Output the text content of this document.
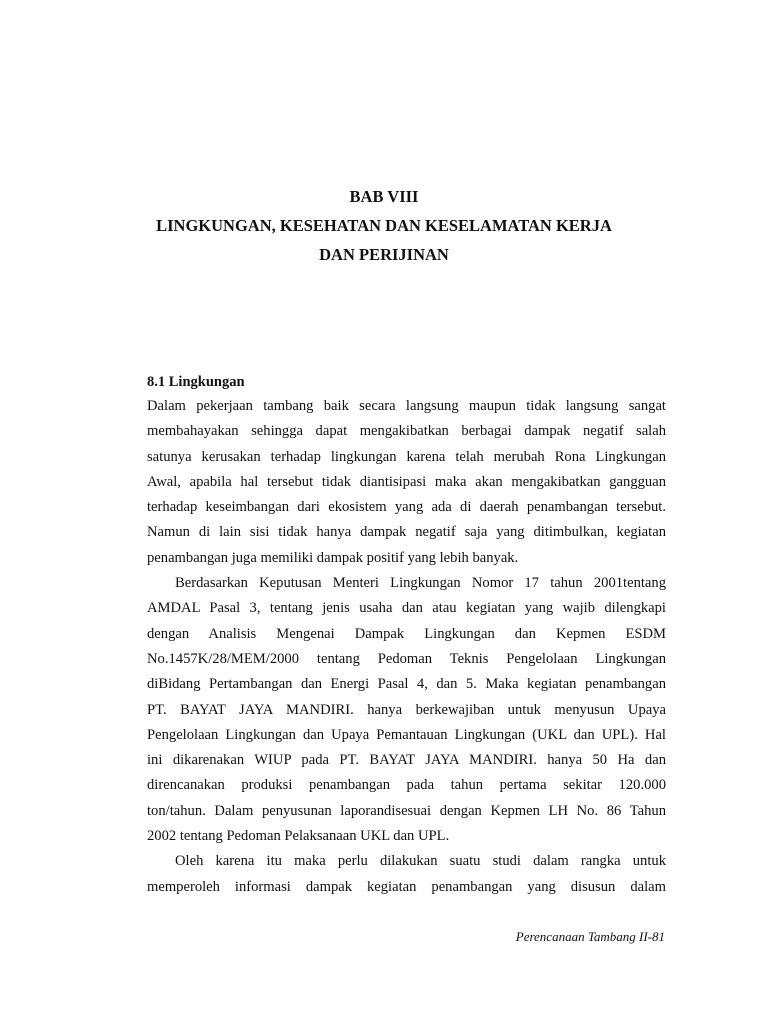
BAB VIII
LINGKUNGAN, KESEHATAN DAN KESELAMATAN KERJA
DAN PERIJINAN
8.1 Lingkungan

Dalam pekerjaan tambang baik secara langsung maupun tidak langsung sangat
membahayakan sehingga dapat mengakibatkan berbagai dampak negatif salah
satunya kerusakan terhadap lingkungan karena telah merubah Rona Lingkungan
Awal, apabila hal tersebut tidak diantisipasi maka akan mengakibatkan gangguan
terhadap keseimbangan dari ekosistem yang ada di daerah penambangan tersebut.
Namun di lain sisi tidak hanya dampak negatif saja yang ditimbulkan, kegiatan
penambangan juga memiliki dampak positif yang lebih banyak.

Berdasarkan Keputusan Menteri Lingkungan Nomor 17 tahun 2001tentang
AMDAL Pasal 3, tentang jenis usaha dan atau kegiatan yang wajib dilengkapi
dengan Analisis Mengenai Dampak Lingkungan dan Kepmen ESDM
No.1457K/28/MEM/2000 tentang Pedoman Teknis Pengelolaan Lingkungan
diBidang Pertambangan dan Energi Pasal 4, dan 5. Maka kegiatan penambangan
PT. BAYAT JAYA MANDIRI. hanya berkewajiban untuk menyusun Upaya
Pengelolaan Lingkungan dan Upaya Pemantauan Lingkungan (UKL dan UPL). Hal
ini dikarenakan WIUP pada PT. BAYAT JAYA MANDIRI. hanya 50 Ha dan
direncanakan produksi penambangan pada tahun pertama sekitar 120.000
ton/tahun. Dalam penyusunan laporandisesuai dengan Kepmen LH No. 86 Tahun
2002 tentang Pedoman Pelaksanaan UKL dan UPL.

Oleh karena itu maka perlu dilakukan suatu studi dalam rangka untuk
memperoleh informasi dampak kegiatan penambangan yang disusun dalam

Perencanaan Tambang II-81
